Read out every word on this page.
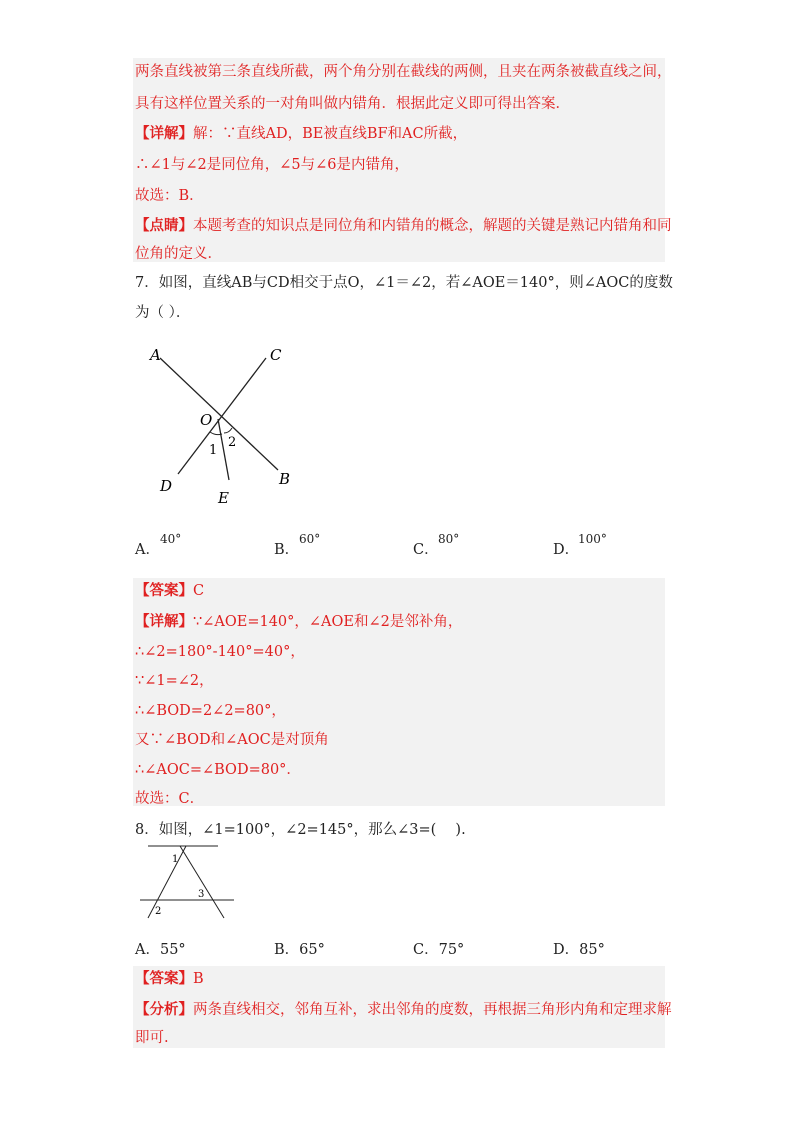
两条直线被第三条直线所截，两个角分别在截线的两侧，且夹在两条被截直线之间，
具有这样位置关系的一对角叫做内错角．根据此定义即可得出答案．
【详解】解：∵直线AD，BE被直线BF和AC所截，
∴∠1与∠2是同位角，∠5与∠6是内错角，
故选：B．
【点睛】本题考查的知识点是同位角和内错角的概念，解题的关键是熟记内错角和同
位角的定义．
7．如图，直线AB与CD相交于点O，∠1＝∠2，若∠AOE＝140°，则∠AOC的度数
为（ ）．
A	C
O
1
2
D
E
B
A．
40°
B．
60°
C．
80°
D．
100°
【答案】C
【详解】∵∠AOE=140°，∠AOE和∠2是邻补角，
∴∠2=180°-140°=40°，
∵∠1=∠2，
∴∠BOD=2∠2=80°，
又∵∠BOD和∠AOC是对顶角
∴∠AOC=∠BOD=80°．
故选：C．
8．如图，∠1=100°，∠2=145°，那么∠3=(　 ).
1
2
3
A．55°	B．65°	C．75°	D．85°
【答案】B
【分析】两条直线相交，邻角互补，求出邻角的度数，再根据三角形内角和定理求解
即可.
